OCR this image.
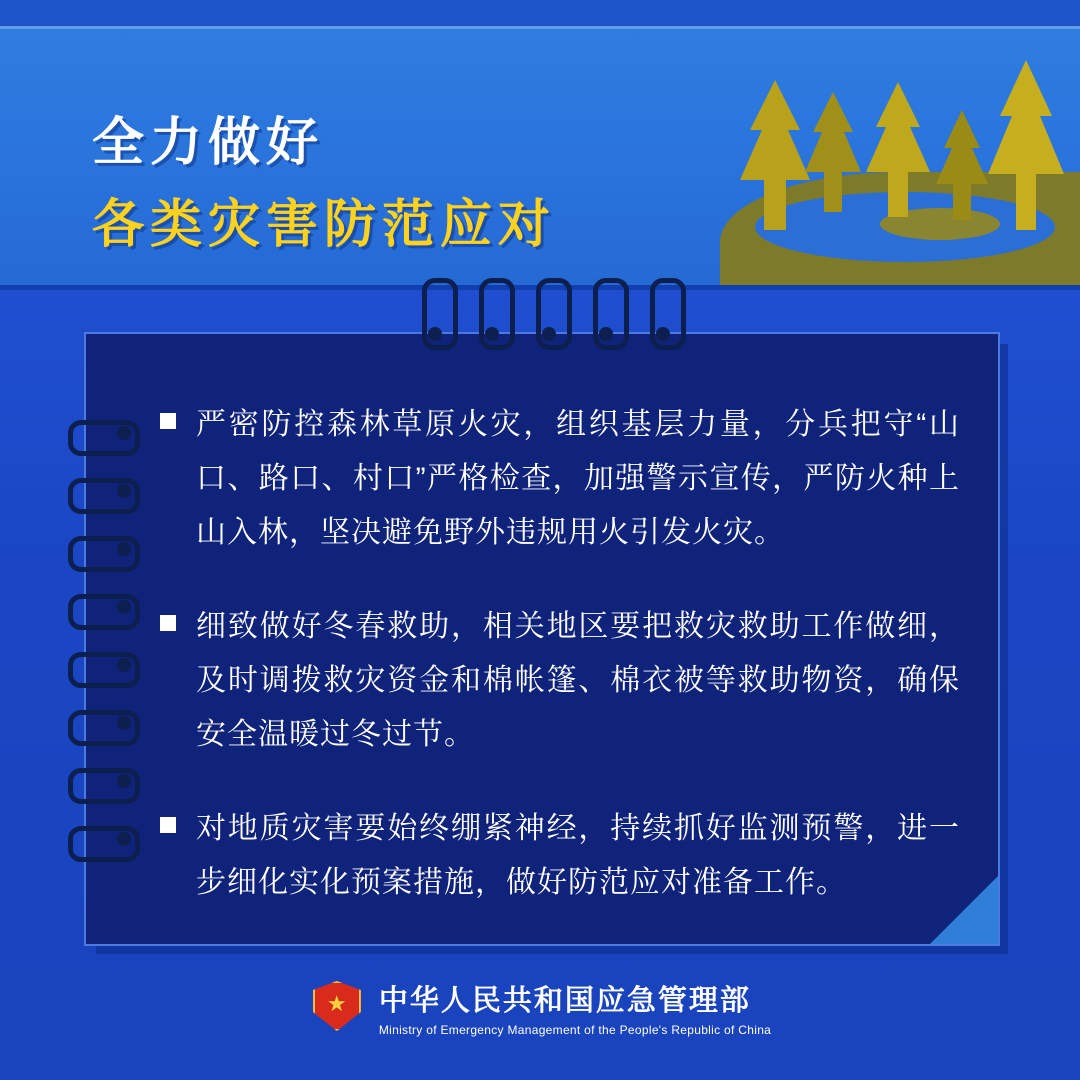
全力做好
各类灾害防范应对
严密防控森林草原火灾，组织基层力量，分兵把守“山口、路口、村口”严格检查，加强警示宣传，严防火种上山入林，坚决避免野外违规用火引发火灾。
细致做好冬春救助，相关地区要把救灾救助工作做细，及时调拨救灾资金和棉帐篷、棉衣被等救助物资，确保安全温暖过冬过节。
对地质灾害要始终绷紧神经，持续抓好监测预警，进一步细化实化预案措施，做好防范应对准备工作。
★ 中华人民共和国应急管理部
Ministry of Emergency Management of the People's Republic of China
